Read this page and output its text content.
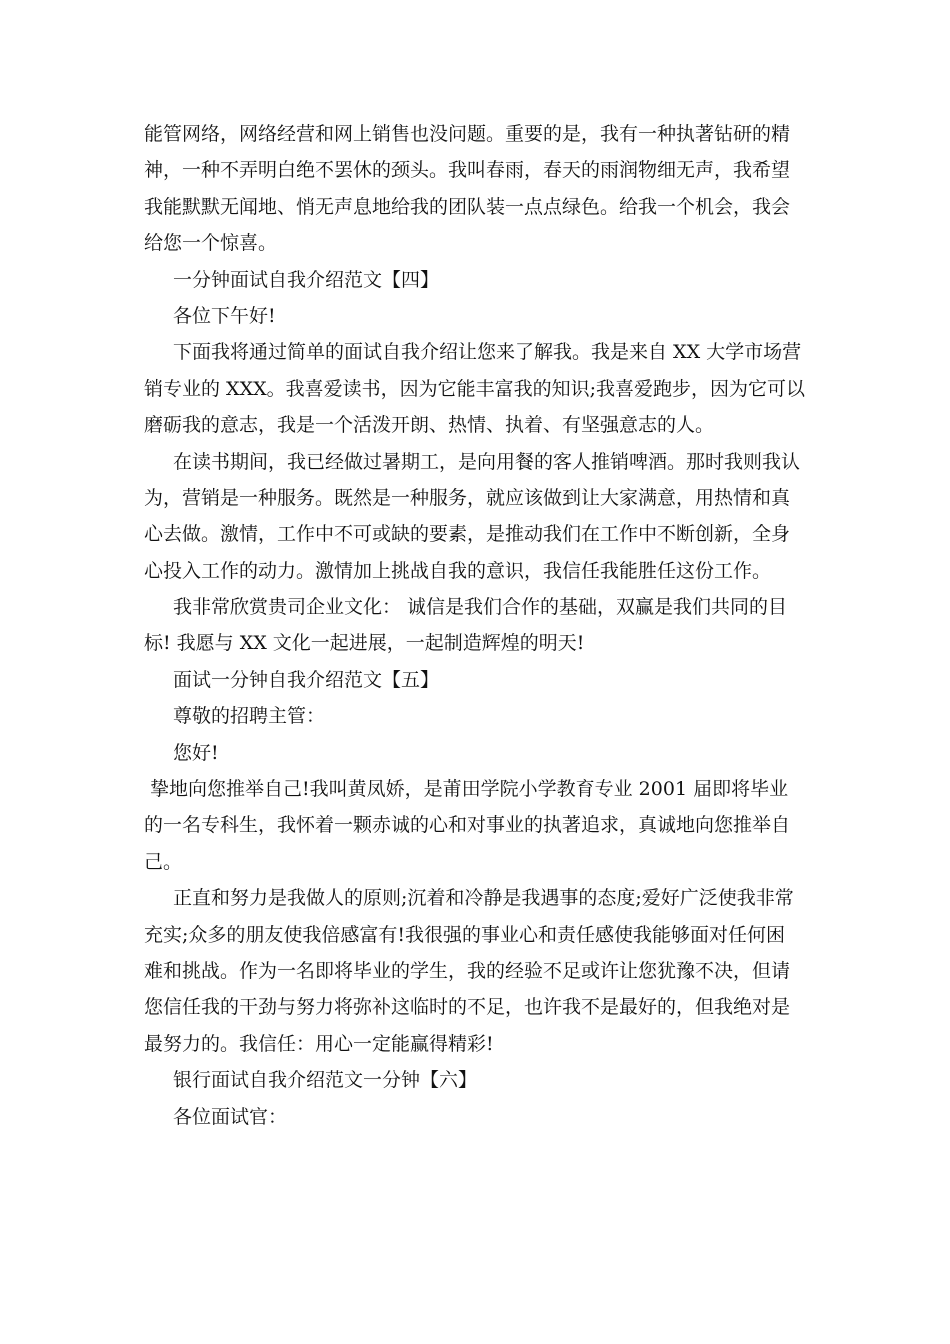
能管网络，网络经营和网上销售也没问题。重要的是，我有一种执著钻研的精
神，一种不弄明白绝不罢休的颈头。我叫春雨，春天的雨润物细无声，我希望
我能默默无闻地、悄无声息地给我的团队装一点点绿色。给我一个机会，我会
给您一个惊喜。
一分钟面试自我介绍范文【四】
各位下午好!
下面我将通过简单的面试自我介绍让您来了解我。我是来自 XX 大学市场营
销专业的 XXX。我喜爱读书，因为它能丰富我的知识;我喜爱跑步，因为它可以
磨砺我的意志，我是一个活泼开朗、热情、执着、有坚强意志的人。
在读书期间，我已经做过暑期工，是向用餐的客人推销啤酒。那时我则我认
为，营销是一种服务。既然是一种服务，就应该做到让大家满意，用热情和真
心去做。激情，工作中不可或缺的要素，是推动我们在工作中不断创新，全身
心投入工作的动力。激情加上挑战自我的意识，我信任我能胜任这份工作。
我非常欣赏贵司企业文化： 诚信是我们合作的基础，双赢是我们共同的目
标! 我愿与 XX 文化一起进展，一起制造辉煌的明天!
面试一分钟自我介绍范文【五】
尊敬的招聘主管：
您好!
挚地向您推举自己!我叫黄凤娇，是莆田学院小学教育专业 2001 届即将毕业
的一名专科生，我怀着一颗赤诚的心和对事业的执著追求，真诚地向您推举自
己。
正直和努力是我做人的原则;沉着和冷静是我遇事的态度;爱好广泛使我非常
充实;众多的朋友使我倍感富有!我很强的事业心和责任感使我能够面对任何困
难和挑战。作为一名即将毕业的学生，我的经验不足或许让您犹豫不决，但请
您信任我的干劲与努力将弥补这临时的不足，也许我不是最好的，但我绝对是
最努力的。我信任：用心一定能赢得精彩!
银行面试自我介绍范文一分钟【六】
各位面试官：
